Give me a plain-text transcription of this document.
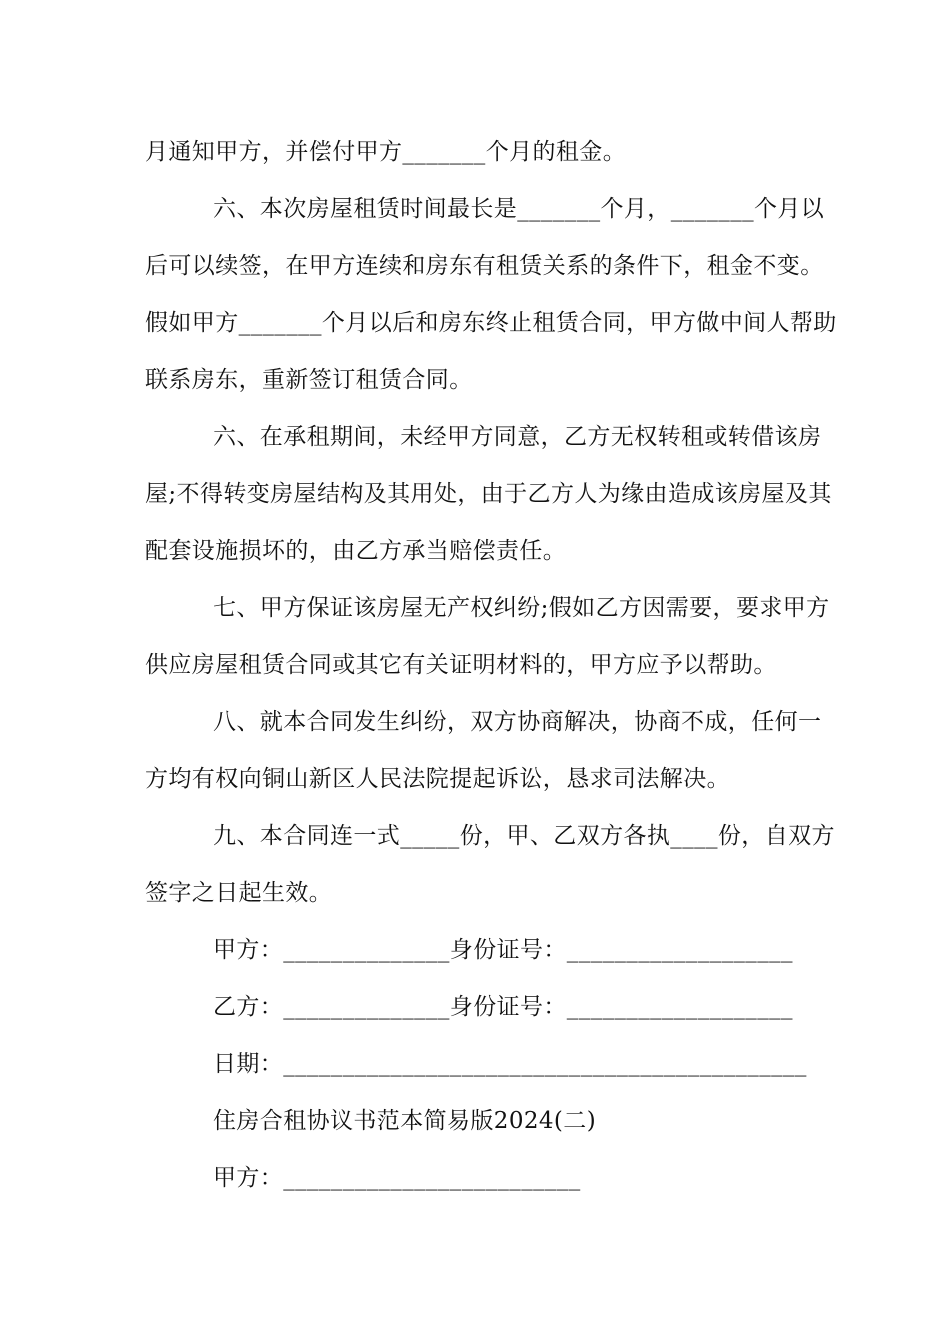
月通知甲方，并偿付甲方_______个月的租金。
六、本次房屋租赁时间最长是_______个月，_______个月以
后可以续签，在甲方连续和房东有租赁关系的条件下，租金不变。
假如甲方_______个月以后和房东终止租赁合同，甲方做中间人帮助
联系房东，重新签订租赁合同。
六、在承租期间，未经甲方同意，乙方无权转租或转借该房
屋;不得转变房屋结构及其用处，由于乙方人为缘由造成该房屋及其
配套设施损坏的，由乙方承当赔偿责任。
七、甲方保证该房屋无产权纠纷;假如乙方因需要，要求甲方
供应房屋租赁合同或其它有关证明材料的，甲方应予以帮助。
八、就本合同发生纠纷，双方协商解决，协商不成，任何一
方均有权向铜山新区人民法院提起诉讼，恳求司法解决。
九、本合同连一式_____份，甲、乙双方各执____份，自双方
签字之日起生效。
甲方：______________身份证号：___________________
乙方：______________身份证号：___________________
日期：____________________________________________
住房合租协议书范本简易版2024(二)
甲方：_________________________
